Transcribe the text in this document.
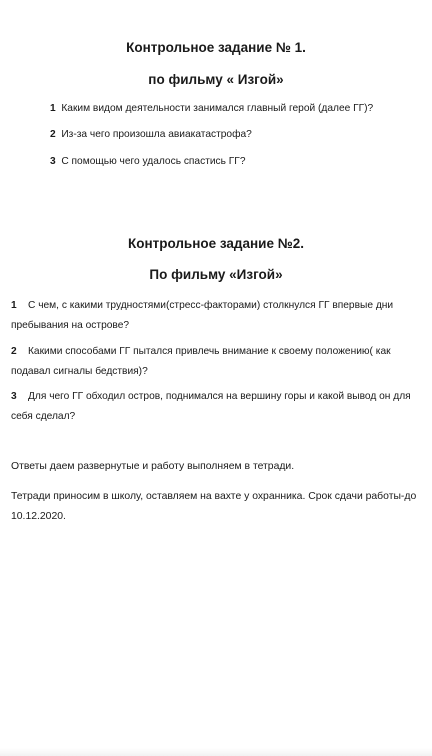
Контрольное задание № 1.
по фильму « Изгой»
1 Каким видом деятельности занимался главный герой (далее ГГ)?
2 Из-за чего произошла авиакатастрофа?
3 С помощью чего удалось спастись ГГ?
Контрольное задание №2.
По фильму «Изгой»
1 С чем, с какими трудностями(стресс-факторами) столкнулся ГГ впервые дни пребывания на острове?
2 Какими способами ГГ пытался привлечь внимание к своему положению( как подавал сигналы бедствия)?
3 Для чего ГГ обходил остров, поднимался на вершину горы и какой вывод он для себя сделал?
Ответы даем развернутые и работу выполняем в тетради.
Тетради приносим в школу, оставляем на вахте у охранника. Срок сдачи работы-до 10.12.2020.
